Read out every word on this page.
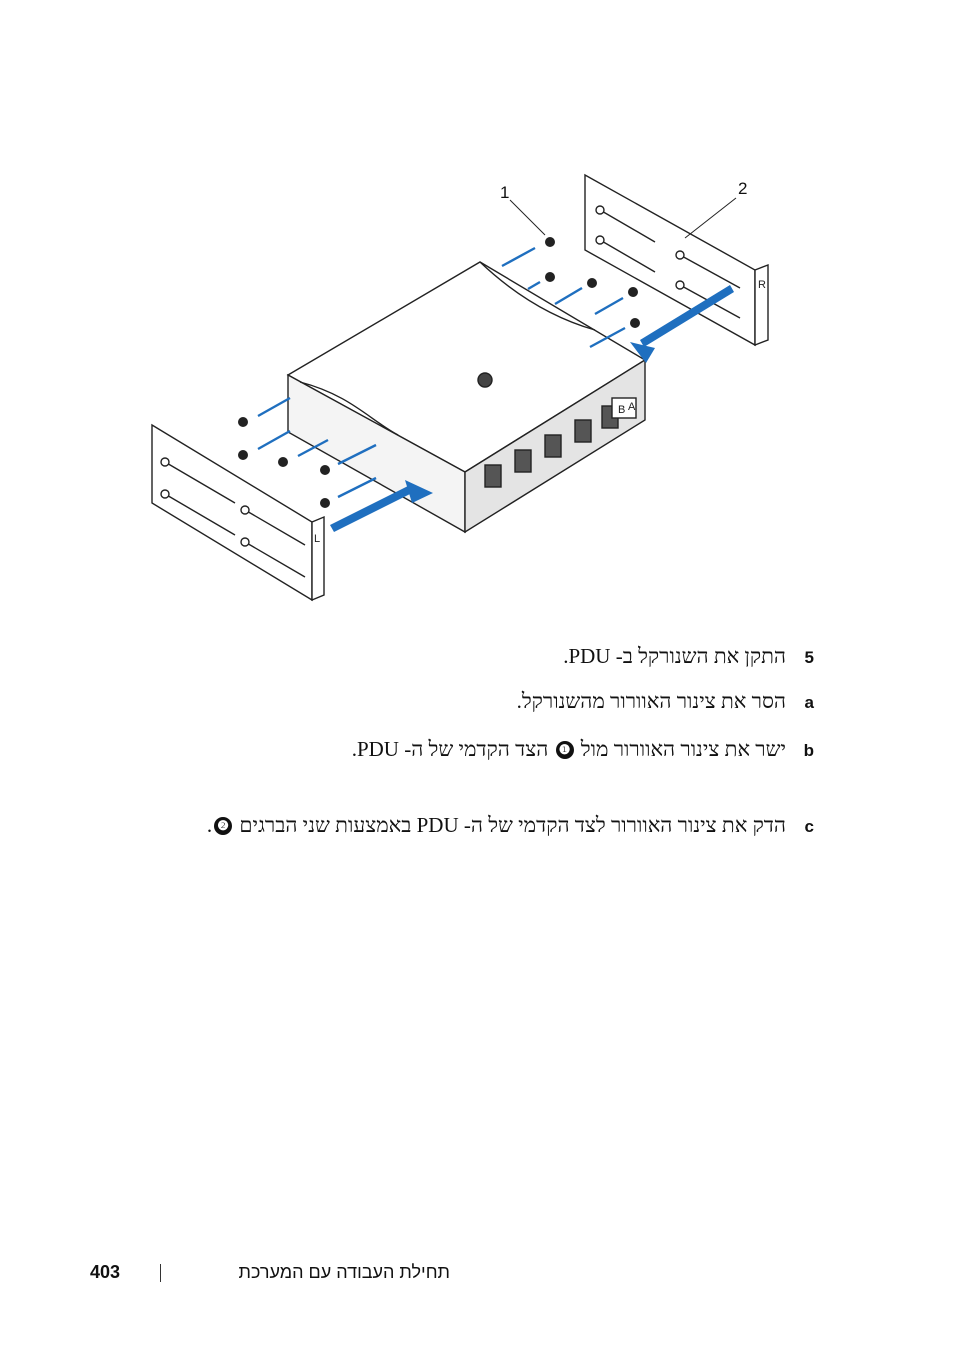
R
L
B A
1	2
5התקן את השנורקל ב- PDU.
aהסר את צינור האוורור מהשנורקל.
bישר את צינור האוורור מול ❶ הצד הקדמי של ה- PDU.
cהדק את צינור האוורור לצד הקדמי של ה- PDU באמצעות שני הברגים ❷.
403	תחילת העבודה עם המערכת
